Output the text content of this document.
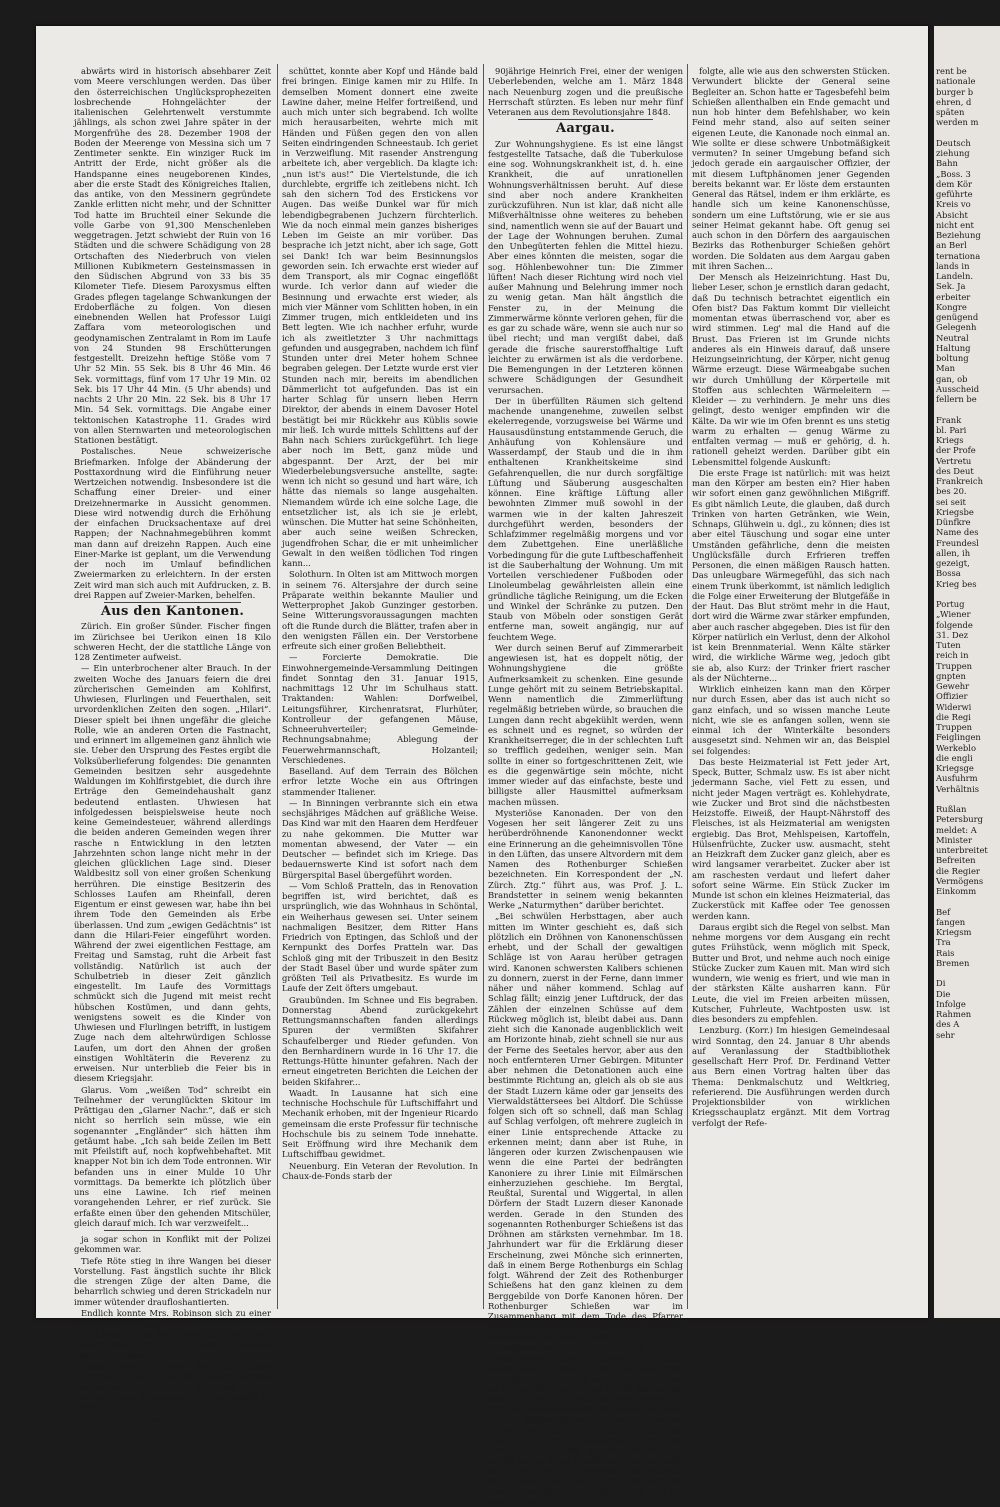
abwärts wird in historisch absehbarer Zeit vom Meere verschlungen werden. Das über den österreichischen Unglücksprophezeiten losbrechende Hohngelächter der italienischen Gelehrtenwelt verstummte jählings, als schon zwei Jahre später in der Morgenfrühe des 28. Dezember 1908 der Boden der Meerenge von Messina sich um 7 Zentimeter senkte. Ein winziger Ruck im Antritt der Erde, nicht größer als die Handspanne eines neugeborenen Kindes, aber die erste Stadt des Königreiches Italien, das antike, von den Messinern gegründete Zankle erlitten nicht mehr, und der Schnitter Tod hatte im Bruchteil einer Sekunde die volle Garbe von 91,300 Menschenleben weggetragen. Jetzt schwiebt der Ruin von 16 Städten und die schwere Schädigung von 28 Ortschaften des Niederbruch von vielen Millionen Kubikmetern Gesteinsmassen in den Südischen Abgrund von 33 bis 35 Kilometer Tiefe. Diesem Paroxysmus elften Grades pflegen tagelange Schwankungen der Erdoberfläche zu folgen. Von diesen einebnenden Wellen hat Professor Luigi Zaffara vom meteorologischen und geodynamischen Zentralamt in Rom im Laufe von 24 Stunden 98 Erschütterungen festgestellt. Dreizehn heftige Stöße vom 7 Uhr 52 Min. 55 Sek. bis 8 Uhr 46 Min. 46 Sek. vormittags, fünf vom 17 Uhr 19 Min. 02 Sek. bis 17 Uhr 44 Min. (5 Uhr abends) und nachts 2 Uhr 20 Min. 22 Sek. bis 8 Uhr 17 Min. 54 Sek. vormittags. Die Angabe einer tektonischen Katastrophe 11. Grades wird von allen Sternwarten und meteorologischen Stationen bestätigt.

Postalisches. Neue schweizerische Briefmarken. Infolge der Abänderung der Posttaxordnung wird die Einführung neuer Wertzeichen notwendig. Insbesondere ist die Schaffung einer Dreier- und einer Dreizehnermarke in Aussicht genommen. Diese wird notwendig durch die Erhöhung der einfachen Drucksachentaxe auf drei Rappen; der Nachnahmegebühren kommt man dann auf dreizehn Rappen. Auch eine Einer-Marke ist geplant, um die Verwendung der noch im Umlauf befindlichen Zweiermarken zu erleichtern. In der ersten Zeit wird man sich auch mit Aufdrucken, z. B. drei Rappen auf Zweier-Marken, behelfen.

Aus den Kantonen.

Zürich. Ein großer Sünder. Fischer fingen im Zürichsee bei Uerikon einen 18 Kilo schweren Hecht, der die stattliche Länge von 128 Zentimeter aufweist.

— Ein unterbrochener alter Brauch. In der zweiten Woche des Januars feiern die drei zürcherischen Gemeinden am Kohlfirst, Uhwiesen, Flurlingen und Feuerthalen, seit urvordenklichen Zeiten den sogen. „Hilari“. Dieser spielt bei ihnen ungefähr die gleiche Rolle, wie an anderen Orten die Fastnacht, und erinnert im allgemeinen ganz ähnlich wie sie. Ueber den Ursprung des Festes ergibt die Volksüberlieferung folgendes: Die genannten Gemeinden besitzen sehr ausgedehnte Waldungen im Kohlfirstgebiet, die durch ihre Erträge den Gemeindehaushalt ganz bedeutend entlasten. Uhwiesen hat infolgedessen beispielsweise heute noch keine Gemeindesteuer, während allerdings die beiden anderen Gemeinden wegen ihrer rasche n Entwicklung in den letzten Jahrzehnten schon lange nicht mehr in der gleichen glücklichen Lage sind. Dieser Waldbesitz soll von einer großen Schenkung herrühren. Die einstige Besitzerin des Schlosses Laufen am Rheinfall, deren Eigentum er einst gewesen war, habe ihn bei ihrem Tode den Gemeinden als Erbe überlassen. Und zum „ewigen Gedächtnis“ ist dann die Hilari-Feier eingeführt worden. Während der zwei eigentlichen Festtage, am Freitag und Samstag, ruht die Arbeit fast vollständig. Natürlich ist auch der Schulbetrieb in dieser Zeit gänzlich eingestellt. Im Laufe des Vormittags schmückt sich die Jugend mit meist recht hübschen Kostümen, und dann gehts, wenigstens soweit es die Kinder von Uhwiesen und Flurlingen betrifft, in lustigem Zuge nach dem altehrwürdigen Schlosse Laufen, um dort den Ahnen der großen einstigen Wohltäterin die Reverenz zu erweisen. Nur unterblieb die Feier bis in diesem Kriegsjahr.

Glarus. Vom „weißen Tod“ schreibt ein Teilnehmer der verunglückten Skitour im Prättigau den „Glarner Nachr.“, daß er sich nicht so herrlich sein müsse, wie ein sogenannter „Engländer“ sich hätten ihm getäumt habe. „Ich sah beide Zeilen im Bett mit Pfeilstift auf, noch kopfwehbehaftet. Mit knapper Not bin ich dem Tode entronnen. Wir befanden uns in einer Mulde 10 Uhr vormittags. Da bemerkte ich plötzlich über uns eine Lawine. Ich rief meinen vorangehenden Lehrer, er rief zurück. Sie erfaßte einen über den gehenden Mitschüler, gleich darauf mich. Ich war verzweifelt...

ja sogar schon in Konflikt mit der Polizei gekommen war.

Tiefe Röte stieg in ihre Wangen bei dieser Vorstellung. Fast ängstlich suchte ihr Blick die strengen Züge der alten Dame, die beharrlich schwieg und deren Strickadeln nur immer wütender draufloshantierten.

Endlich konnte Mrs. Robinson sich zu einer kurzen Bemerkung:

„Ich habe ihn an die frische Luft geschickt.“ „Wen?“ fragte Ruth, aus ihren Grübeleien emporschreckend.

„Wen? Wen?“ echote die alte Dame aufgeregt. „Nun — natürlich unsere Virginia und meinen braven Sohn, der eben wieder tam, um Ihnen, Mademoiselle, Gesellschaft zu leisten.“

(Fortsetzung folgt.)

schüttet, konnte aber Kopf und Hände bald frei bringen. Einige kamen mir zu Hilfe. In demselben Moment donnert eine zweite Lawine daher, meine Helfer fortreißend, und auch mich unter sich begrabend. Ich wollte mich herausarbeiten, wehrte mich mit Händen und Füßen gegen den von allen Seiten eindringenden Schneestaub. Ich geriet in Verzweiflung. Mit rasender Anstrengung arbeitete ich, aber vergeblich. Da klagte ich: „nun ist's aus!“ Die Viertelstunde, die ich durchlebte, ergriffe ich zeitlebens nicht. Ich sah den sichern Tod des Erstickens vor Augen. Das weiße Dunkel war für mich lebendigbegrabenen Juchzern fürchterlich. Wie da noch einmal mein ganzes bisheriges Leben im Geiste an mir vorüber. Das besprache ich jetzt nicht, aber ich sage, Gott sei Dank! Ich war beim Besinnungslos geworden sein. Ich erwachte erst wieder auf dem Transport, als mir Cognac eingeflößt wurde. Ich verlor dann auf wieder die Besinnung und erwachte erst wieder, als mich vier Männer vom Schlitten hoben, in ein Zimmer trugen, mich entkleideten und ins Bett legten. Wie ich nachher erfuhr, wurde ich als zweitletzter 3 Uhr nachmittags gefunden und ausgegraben, nachdem ich fünf Stunden unter drei Meter hohem Schnee begraben gelegen. Der Letzte wurde erst vier Stunden nach mir, bereits im abendlichen Dämmerlicht tot aufgefunden. Das ist ein harter Schlag für unsern lieben Herrn Direktor, der abends in einem Davoser Hotel bestätigt bei mir Rückkehr aus Küblis sowie mir ließ. Ich wurde mittels Schlittens auf der Bahn nach Schiers zurückgeführt. Ich liege aber noch im Bett, ganz müde und abgespannt. Der Arzt, der bei mir Wiederbelebungsversuche anstellte, sagte: wenn ich nicht so gesund und hart wäre, ich hätte das niemals so lange ausgehalten. Niemandem würde ich eine solche Lage, die entsetzlicher ist, als ich sie je erlebt, wünschen. Die Mutter hat seine Schönheiten, aber auch seine weißen Schrecken, jugendfrohen Schar, die er mit unheimlicher Gewalt in den weißen tödlichen Tod ringen kann...

Solothurn. In Olten ist am Mittwoch morgen in seinem 76. Altersjahre der durch seine Präparate weithin bekannte Maulier und Wetterprophet Jakob Gunzinger gestorben. Seine Witterungsvoraussagungen machten oft die Runde durch die Blätter, trafen aber in den wenigsten Fällen ein. Der Verstorbene erfreute sich einer großen Beliebtheit.

— Forcierte Demokratie. Die Einwohnergemeinde-Versammlung Deitingen findet Sonntag den 31. Januar 1915, nachmittags 12 Uhr im Schulhaus statt. Traktanden: Wahlen: Dorfweibel, Leitungsführer, Kirchenratsrat, Flurhüter, Kontrolleur der gefangenen Mäuse, Schneeruhverteiler; Gemeinde-Rechnungsabnahme; Ablegung der Feuerwehrmannschaft, Holzanteil; Verschiedenes.

Baselland. Auf dem Terrain des Bölchen erfror letzte Woche ein aus Oftringen stammender Italiener.

— In Binningen verbrannte sich ein etwa sechsjähriges Mädchen auf gräßliche Weise. Das Kind war mit den Haaren dem Herdfeuer zu nahe gekommen. Die Mutter war momentan abwesend, der Vater — ein Deutscher — befindet sich im Kriege. Das bedauernswerte Kind ist sofort nach dem Bürgerspital Basel übergeführt worden.

— Vom Schloß Pratteln, das in Renovation begriffen ist, wird berichtet, daß es ursprünglich, wie das Wohnhaus in Schöntal, ein Weiherhaus gewesen sei. Unter seinem nachmaligen Besitzer, dem Ritter Hans Friedrich von Eptingen, das Schloß und der Kernpunkt des Dorfes Pratteln war. Das Schloß ging mit der Tribuszeit in den Besitz der Stadt Basel über und wurde später zum größten Teil als Privatbesitz. Es wurde im Laufe der Zeit öfters umgebaut.

Graubünden. Im Schnee und Eis begraben. Donnerstag Abend zurückgekehrt Rettungsmannschaften fanden allerdings Spuren der vermißten Skifahrer Schaufelberger und Rieder gefunden. Von den Bernhardinern wurde in 16 Uhr 17. die Rettungs-Hütte hinunter gefahren. Nach der erneut eingetreten Berichten die Leichen der beiden Skifahrer...

Waadt. In Lausanne hat sich eine technische Hochschule für Luftschiffahrt und Mechanik erhoben, mit der Ingenieur Ricardo gemeinsam die erste Professur für technische Hochschule bis zu seinem Tode innehatte. Seit Eröffnung wird ihre Mechanik dem Luftschiffbau gewidmet.

Neuenburg. Ein Veteran der Revolution. In Chaux-de-Fonds starb der

90jährige Heinrich Frei, einer der wenigen Ueberlebenden, welche am 1. März 1848 nach Neuenburg zogen und die preußische Herrschaft stürzten. Es leben nur mehr fünf Veteranen aus dem Revolutionsjahre 1848.

Aargau.

Zur Wohnungshygiene. Es ist eine längst festgestellte Tatsache, daß die Tuberkulose eine sog. Wohnungskrankheit ist, d. h. eine Krankheit, die auf unrationellen Wohnungsverhältnissen beruht. Auf diese sind aber noch andere Krankheiten zurückzuführen. Nun ist klar, daß nicht alle Mißverhältnisse ohne weiteres zu beheben sind, namentlich wenn sie auf der Bauart und der Lage der Wohnungen beruhen. Zumal den Unbegüterten fehlen die Mittel hiezu. Aber eines könnten die meisten, sogar die sog. Höhlenbewohner tun: Die Zimmer lüften! Nach dieser Richtung wird noch viel außer Mahnung und Belehrung immer noch zu wenig getan. Man hält ängstlich die Fenster zu, in der Meinung die Zimmerwärme könnte verloren gehen, für die es gar zu schade wäre, wenn sie auch nur so übel riecht; und man vergißt dabei, daß gerade die frische saurerstoffhaltige Luft leichter zu erwärmen ist als die verdorbene. Die Bemengungen in der Letzteren können schwere Schädigungen der Gesundheit verursachen.

Der in überfüllten Räumen sich geltend machende unangenehme, zuweilen selbst ekelerregende, vorzugsweise bei Wärme und Hausausdünstung entstammende Geruch, die Anhäufung von Kohlensäure und Wasserdampf, der Staub und die in ihm enthaltenen Krankheitskeime sind Gefahrenquellen, die nur durch sorgfältige Lüftung und Säuberung ausgeschalten können. Eine kräftige Lüftung aller bewohnten Zimmer muß sowohl in der warmen wie in der kalten Jahreszeit durchgeführt werden, besonders der Schlafzimmer regelmäßig morgens und vor dem Zubettgehen. Eine unerläßliche Vorbedingung für die gute Luftbeschaffenheit ist die Sauberhaltung der Wohnung. Um mit Vorteilen verschiedener Fußboden oder Linoleumbelag gewährleisten allein eine gründliche tägliche Reinigung, um die Ecken und Winkel der Schränke zu putzen. Den Staub von Möbeln oder sonstigen Gerät entferne man, soweit angängig, nur auf feuchtem Wege.

Wer durch seinen Beruf auf Zimmerarbeit angewiesen ist, hat es doppelt nötig, der Wohnungshygiene die größte Aufmerksamkeit zu schenken. Eine gesunde Lunge gehört mit zu seinem Betriebskapital. Wenn namentlich die Zimmerlüftung regelmäßig betrieben würde, so brauchen die Lungen dann recht abgekühlt werden, wenn es schneit und es regnet, so würden der Krankheitserreger, die in der schlechten Luft so trefflich gedeihen, weniger sein. Man sollte in einer so fortgeschrittenen Zeit, wie es die gegenwärtige sein möchte, nicht immer wieder auf das einfachste, beste und billigste aller Hausmittel aufmerksam machen müssen.

Mysteriöse Kanonaden. Der von den Vogesen her seit längerer Zeit zu uns herüberdröhnende Kanonendonner weckt eine Erinnerung an die geheimnisvollen Töne in den Lüften, das unsere Altvordern mit dem Namen des Rothenburger Schießen bezeichneten. Ein Korrespondent der „N. Zürch. Ztg.“ führt aus, was Prof. J. L. Brandstetter in seinem wenig bekannten Werke „Naturmythen“ darüber berichtet.

„Bei schwülen Herbsttagen, aber auch mitten im Winter geschieht es, daß sich plötzlich ein Dröhnen von Kanonenschüssen erhebt, und der Schall der gewaltigen Schläge ist von Aarau herüber getragen wird. Kanonen schwersten Kalibers schienen zu donnern, zuerst in der Ferne, dann immer näher und näher kommend. Schlag auf Schlag fällt; einzig jener Luftdruck, der das Zählen der einzelnen Schüsse auf dem Rückweg möglich ist, bleibt dabei aus. Dann zieht sich die Kanonade augenblicklich weit am Horizonte hinab, zieht schnell sie nur aus der Ferne des Seetales hervor, aber aus den noch entfernteren Urner Gebirgen. Mitunter aber nehmen die Detonationen auch eine bestimmte Richtung an, gleich als ob sie aus der Stadt Luzern käme oder gar jenseits des Vierwaldstättersees bei Altdorf. Die Schüsse folgen sich oft so schnell, daß man Schlag auf Schlag verfolgen, oft mehrere zugleich in einer Linie entsprechende Attacke zu erkennen meint; dann aber ist Ruhe, in längeren oder kurzen Zwischenpausen wie wenn die eine Partei der bedrängten Kanoniere zu ihrer Linie mit Eilmärschen einherzuziehen geschiehe. Im Bergtal, Reußtal, Surental und Wiggertal, in allen Dörfern der Stadt Luzern dieser Kanonade werden. Gerade in den Stunden des sogenannten Rothenburger Schießens ist das Dröhnen am stärksten vernehmbar. Im 18. Jahrhundert war für die Erklärung dieser Erscheinung, zwei Mönche sich erinnerten, daß in einem Berge Rothenburgs ein Schlag folgt. Während der Zeit des Rothenburger Schießens hat den ganz kleinen zu dem Berggebilde von Dorfe Kanonen hören. Der Rothenburger Schießen war im Zusammenhang mit dem Tode des Pfarrer Schüpfer, der noch 1847 mit seinen Truppen geschlossen die Stadt Luzern...“

Erwähnenswert ist, daß im Sonderbundsfeldzuge General Dufour Gelegenheit hatte, das Rothenburger Schießen zu hören. Es war dies bei Gisikon im Winter 1847 wo er den Befehl gab, so die Stadt Luzern den anrücken eidgenössischen Truppen überschwemmt. Es würde von allen Seiten Waffenstillstand zugesagt, General Dufour aber hielt es für eine Schlacht und rückte mit seinen Bataillonen gegen die Stadt, und als ihm gerade gemeldet, er werde gegen seine Bataillone gezogen, habe er zu überblicken. Da vernahm man plötzlich im Rücken an der Reuß ein heftiges Kanonieren, das hauptsächlich, dem bald ein zweiter und dritte

folgte, alle wie aus den schwersten Stücken. Verwundert blickte der General seine Begleiter an. Schon hatte er Tagesbefehl beim Schießen allenthalben ein Ende gemacht und nun hob hinter dem Befehlshaber, wo kein Feind mehr stand, also auf seiten seiner eigenen Leute, die Kanonade noch einmal an. Wie sollte er diese schwere Unbotmäßigkeit vermuten? In seiner Umgebung befand sich jedoch gerade ein aargauischer Offizier, der mit diesem Luftphänomen jener Gegenden bereits bekannt war. Er löste dem erstaunten General das Rätsel, indem er ihm erklärte, es handle sich um keine Kanonenschüsse, sondern um eine Luftstörung, wie er sie aus seiner Heimat gekannt habe. Oft genug sei auch schon in den Dörfern des aargauischen Bezirks das Rothenburger Schießen gehört worden. Die Soldaten aus dem Aargau gaben mit ihren Sachen...

Der Mensch als Heizeinrichtung. Hast Du, lieber Leser, schon je ernstlich daran gedacht, daß Du technisch betrachtet eigentlich ein Ofen bist? Das Faktum kommt Dir vielleicht momentan etwas überraschend vor, aber es wird stimmen. Leg' mal die Hand auf die Brust. Das Frieren ist im Grunde nichts anderes als ein Hinweis darauf, daß unsere Heizungseinrichtung, der Körper, nicht genug Wärme erzeugt. Diese Wärmeabgabe suchen wir durch Umhüllung der Körperteile mit Stoffen aus schlechten Wärmeleitern — Kleider — zu verhindern. Je mehr uns dies gelingt, desto weniger empfinden wir die Kälte. Da wir wie im Ofen brennt es uns stetig warm zu erhalten — genug Wärme zu entfalten vermag — muß er gehörig, d. h. rationell geheizt werden. Darüber gibt ein Lebensmittel folgende Auskunft:

Die erste Frage ist natürlich: mit was heizt man den Körper am besten ein? Hier haben wir sofort einen ganz gewöhnlichen Mißgriff. Es gibt nämlich Leute, die glauben, daß durch Trinken von harten Getränken, wie Wein, Schnaps, Glühwein u. dgl., zu können; dies ist aber eitel Täuschung und sogar eine unter Umständen gefährliche, denn die meisten Unglücksfälle durch Erfrieren treffen Personen, die einen mäßigen Rausch hatten. Das unleugbare Wärmegefühl, das sich nach einem Trunk überkommt, ist nämlich lediglich die Folge einer Erweiterung der Blutgefäße in der Haut. Das Blut strömt mehr in die Haut, dort wird die Wärme zwar stärker empfunden, aber auch rascher abgegeben. Dies ist für den Körper natürlich ein Verlust, denn der Alkohol ist kein Brennmaterial. Wenn Kälte stärker wird, die wirkliche Wärme weg, jedoch gibt sie ab, also Kurz: der Trinker friert rascher als der Nüchterne...

Wirklich einheizen kann man den Körper nur durch Essen, aber das ist auch nicht so ganz einfach, und so wissen manche Leute nicht, wie sie es anfangen sollen, wenn sie einmal ich der Winterkälte besonders ausgesetzt sind. Nehmen wir an, das Beispiel sei folgendes:

Das beste Heizmaterial ist Fett jeder Art, Speck, Butter, Schmalz usw. Es ist aber nicht jedermann Sache, viel Fett zu essen, und nicht jeder Magen verträgt es. Kohlehydrate, wie Zucker und Brot sind die nächstbesten Heizstoffe. Eiweiß, der Haupt-Nährstoff des Fleisches, ist als Heizmaterial am wenigsten ergiebig. Das Brot, Mehlspeisen, Kartoffeln, Hülsenfrüchte, Zucker usw. ausmacht, steht an Heizkraft dem Zucker ganz gleich, aber es wird langsamer verarbeitet. Zucker aber ist am raschesten verdaut und liefert daher sofort seine Wärme. Ein Stück Zucker im Munde ist schon ein kleines Heizmaterial, das Zuckerstück mit Kaffee oder Tee genossen werden kann.

Daraus ergibt sich die Regel von selbst. Man nehme morgens vor dem Ausgang ein recht gutes Frühstück, wenn möglich mit Speck, Butter und Brot, und nehme auch noch einige Stücke Zucker zum Kauen mit. Man wird sich wundern, wie wenig es friert, und wie man in der stärksten Kälte ausharren kann. Für Leute, die viel im Freien arbeiten müssen, Kutscher, Fuhrleute, Wachtposten usw. ist dies besonders zu empfehlen.

Lenzburg. (Korr.) Im hiesigen Gemeindesaal wird Sonntag, den 24. Januar 8 Uhr abends auf Veranlassung der Stadtbibliothek gesellschaft Herr Prof. Dr. Ferdinand Vetter aus Bern einen Vortrag halten über das Thema: Denkmalschutz und Weltkrieg, referierend. Die Ausführungen werden durch Projektionsbilder von wirklichen Kriegsschauplatz ergänzt. Mit dem Vortrag verfolgt der Refe-

rent be
nationale
burger b
ehren, d
späten
werden m
Deutsch
ziehung
Bahn
„Boss. 3
dem Kör
geführte
Kreis vo
Absicht
nicht ent
Beziehung
an Berl
ternationa
lands in
Landeln.
Sek. Ja
erbeiter
Kongre
genügend
Gelegenh
Neutral
Haltung
boltung
Man
gan, ob
Ausscheid
fellern be
Frank
bl. Pari
Kriegs
der Profe
Vertretu
des Deut
Frankreich
bes 20.
sei seit
Kriegsbe
Dünfkre
Name des
Freundesl
allen, ih
gezeigt,
Bossa
Krieg bes
Portug
„Wiener
folgende
31. Dez
Tuten
reich in
Truppen
gnpten
Gewehr
Offizier
Widerwi
die Regi
Truppen
Feiglingen
Werkeblo
die engli
Kriegsge
Ausfuhrm
Verhältnis
Rußlan
Petersburg
meldet: A
Minister
unterbreitet
Befreiten
die Regier
Vermögens
Einkomm
Bef
fangen
Kriegsm
Tra
Rais
Bremen
Di
Die
Infolge
Rahmen
des A
sehr
